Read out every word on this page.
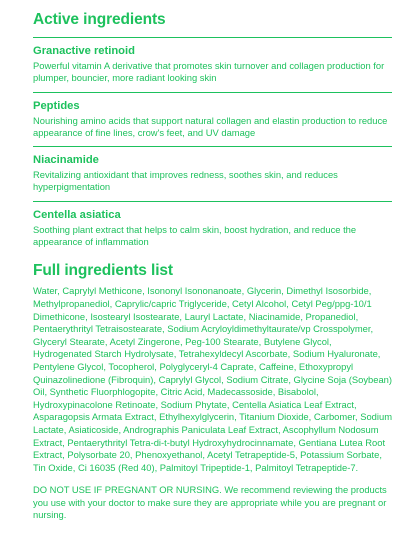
Active ingredients
Granactive retinoid

Powerful vitamin A derivative that promotes skin turnover and collagen production for plumper, bouncier, more radiant looking skin

Peptides

Nourishing amino acids that support natural collagen and elastin production to reduce appearance of fine lines, crow's feet, and UV damage

Niacinamide

Revitalizing antioxidant that improves redness, soothes skin, and reduces hyperpigmentation

Centella asiatica

Soothing plant extract that helps to calm skin, boost hydration, and reduce the appearance of inflammation

Full ingredients list

Water, Caprylyl Methicone, Isononyl Isononanoate, Glycerin, Dimethyl Isosorbide, Methylpropanediol, Caprylic/capric Triglyceride, Cetyl Alcohol, Cetyl Peg/ppg-10/1 Dimethicone, Isostearyl Isostearate, Lauryl Lactate, Niacinamide, Propanediol, Pentaerythrityl Tetraisostearate, Sodium Acryloyldimethyltaurate/vp Crosspolymer, Glyceryl Stearate, Acetyl Zingerone, Peg-100 Stearate, Butylene Glycol, Hydrogenated Starch Hydrolysate, Tetrahexyldecyl Ascorbate, Sodium Hyaluronate, Pentylene Glycol, Tocopherol, Polyglyceryl-4 Caprate, Caffeine, Ethoxypropyl Quinazolinedione (Fibroquin), Caprylyl Glycol, Sodium Citrate, Glycine Soja (Soybean) Oil, Synthetic Fluorphlogopite, Citric Acid, Madecassoside, Bisabolol, Hydroxypinacolone Retinoate, Sodium Phytate, Centella Asiatica Leaf Extract, Asparagopsis Armata Extract, Ethylhexylglycerin, Titanium Dioxide, Carbomer, Sodium Lactate, Asiaticoside, Andrographis Paniculata Leaf Extract, Ascophyllum Nodosum Extract, Pentaerythrityl Tetra-di-t-butyl Hydroxyhydrocinnamate, Gentiana Lutea Root Extract, Polysorbate 20, Phenoxyethanol, Acetyl Tetrapeptide-5, Potassium Sorbate, Tin Oxide, Ci 16035 (Red 40), Palmitoyl Tripeptide-1, Palmitoyl Tetrapeptide-7.

DO NOT USE IF PREGNANT OR NURSING. We recommend reviewing the products you use with your doctor to make sure they are appropriate while you are pregnant or nursing.
